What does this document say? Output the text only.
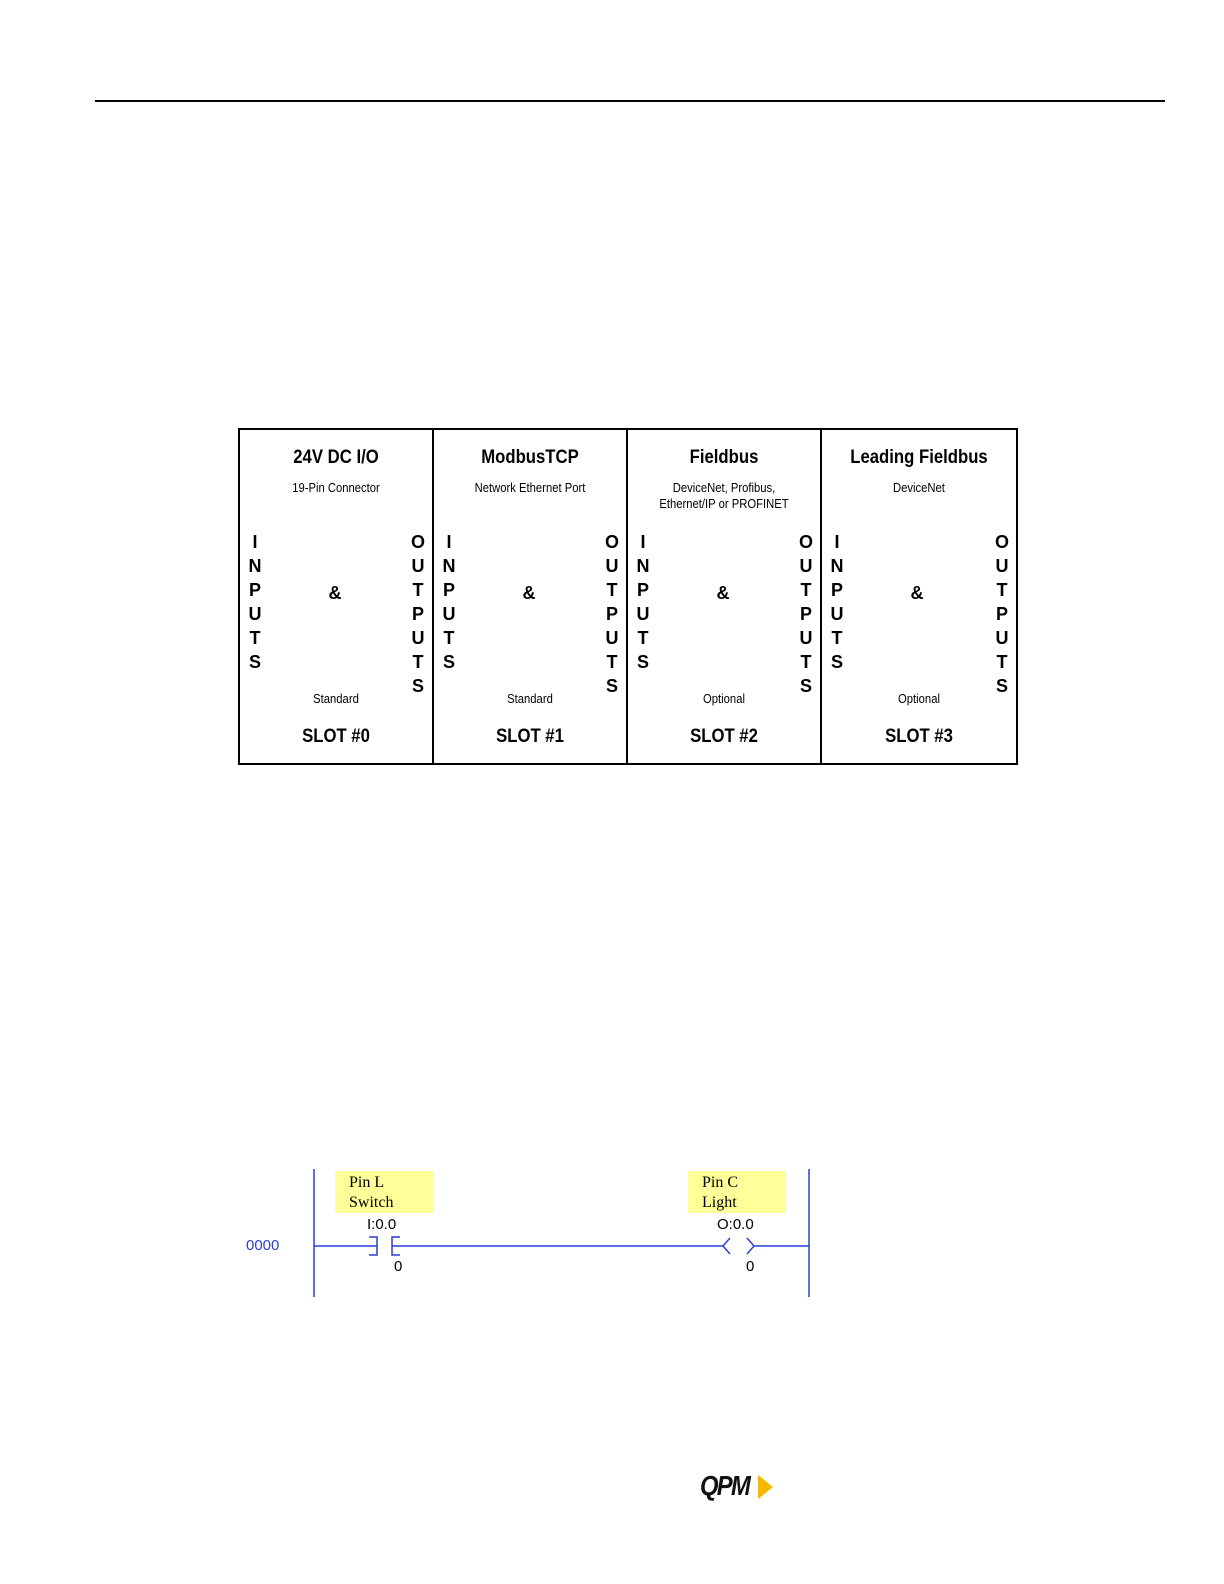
24V DC I/O
19-Pin Connector
I
N
P
U
T
S
&
O
U
T
P
U
T
S
Standard
SLOT #0
ModbusTCP
Network Ethernet Port
I
N
P
U
T
S
&
O
U
T
P
U
T
S
Standard
SLOT #1
Fieldbus
DeviceNet, Profibus,
Ethernet/IP or PROFINET
I
N
P
U
T
S
&
O
U
T
P
U
T
S
Optional
SLOT #2
Leading Fieldbus
DeviceNet
I
N
P
U
T
S
&
O
U
T
P
U
T
S
Optional
SLOT #3
0000
Pin L
Switch
I:0.0
0
Pin C
Light
O:0.0
0
QPM
